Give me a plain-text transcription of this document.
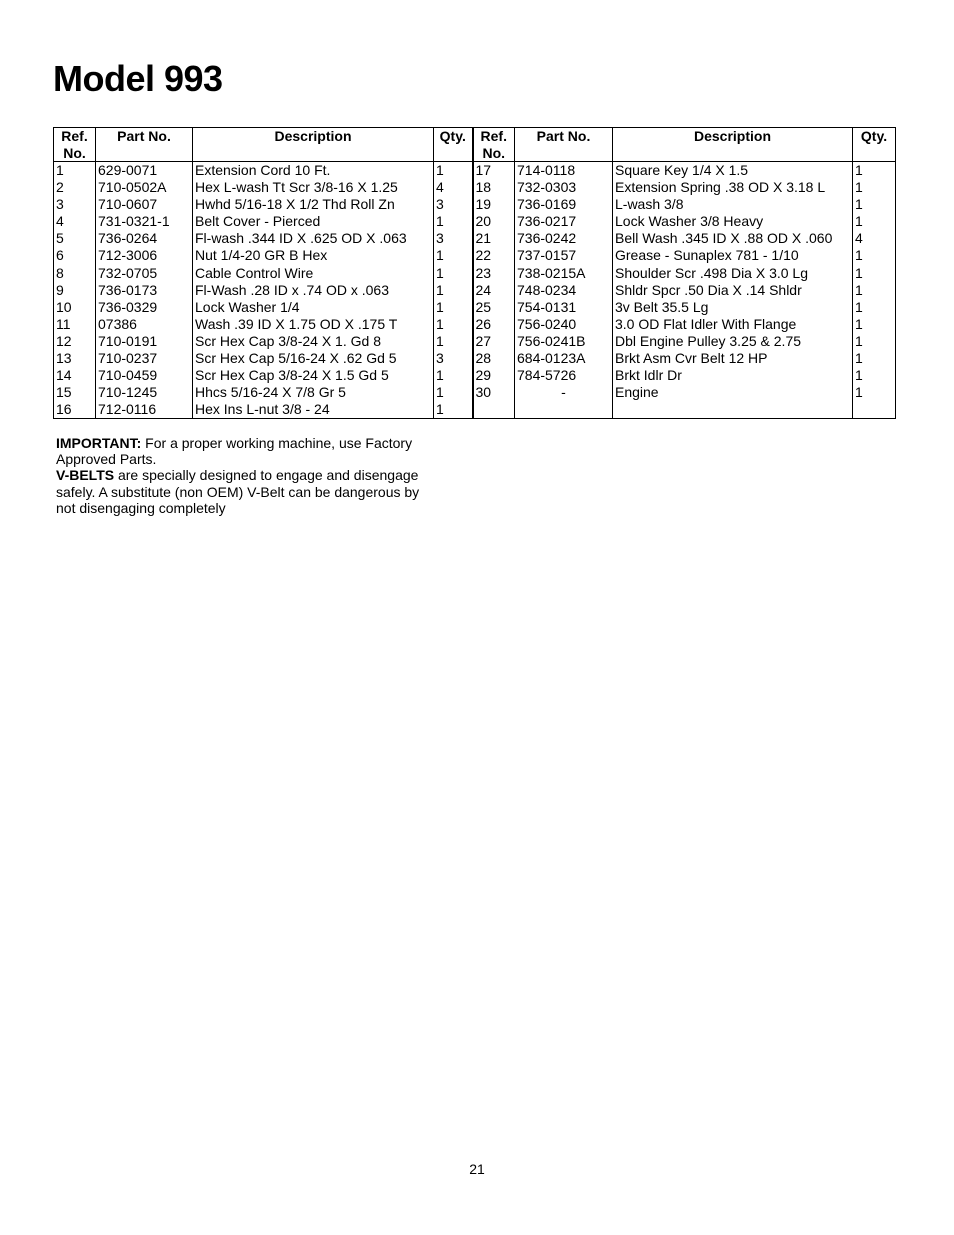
Model 993
Ref. No.	Part No.	Description	Qty.	Ref. No.	Part No.	Description	Qty.
1	629-0071	Extension Cord 10 Ft.	1	17	714-0118	Square Key 1/4 X 1.5	1
2	710-0502A	Hex L-wash Tt Scr 3/8-16 X 1.25	4	18	732-0303	Extension Spring .38 OD X 3.18 L	1
3	710-0607	Hwhd 5/16-18 X 1/2 Thd Roll Zn	3	19	736-0169	L-wash 3/8	1
4	731-0321-1	Belt Cover - Pierced	1	20	736-0217	Lock Washer 3/8 Heavy	1
5	736-0264	Fl-wash .344 ID X .625 OD X .063	3	21	736-0242	Bell Wash .345 ID X .88 OD X .060	4
6	712-3006	Nut 1/4-20 GR B Hex	1	22	737-0157	Grease - Sunaplex 781 - 1/10	1
8	732-0705	Cable Control Wire	1	23	738-0215A	Shoulder Scr .498 Dia X 3.0 Lg	1
9	736-0173	Fl-Wash .28 ID x .74 OD x .063	1	24	748-0234	Shldr Spcr .50 Dia X .14 Shldr	1
10	736-0329	Lock Washer 1/4	1	25	754-0131	3v Belt 35.5 Lg	1
11	07386	Wash .39 ID X 1.75 OD X .175 T	1	26	756-0240	3.0 OD Flat Idler With Flange	1
12	710-0191	Scr Hex Cap 3/8-24 X 1. Gd 8	1	27	756-0241B	Dbl Engine Pulley 3.25 & 2.75	1
13	710-0237	Scr Hex Cap 5/16-24 X .62 Gd 5	3	28	684-0123A	Brkt Asm Cvr Belt 12 HP	1
14	710-0459	Scr Hex Cap 3/8-24 X 1.5 Gd 5	1	29	784-5726	Brkt Idlr Dr	1
15	710-1245	Hhcs 5/16-24 X 7/8 Gr 5	1	30	-	Engine	1
16	712-0116	Hex Ins L-nut 3/8 - 24	1				

IMPORTANT: For a proper working machine, use Factory Approved Parts.

V-BELTS are specially designed to engage and disengage safely. A substitute (non OEM) V-Belt can be dangerous by not disengaging completely

21
